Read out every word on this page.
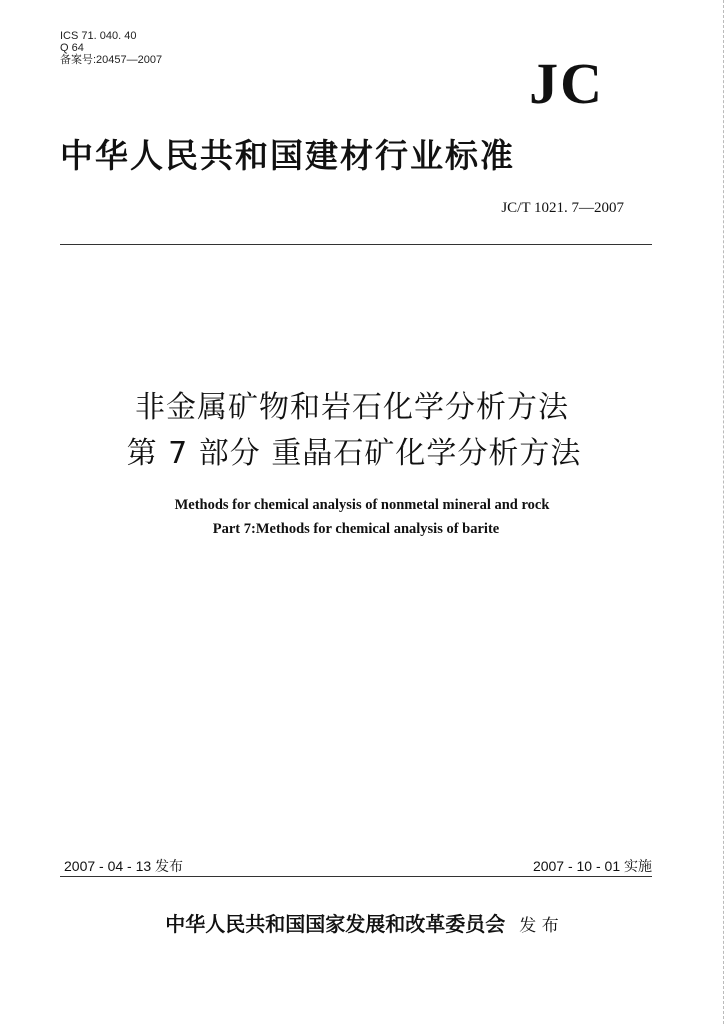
ICS 71. 040. 40
Q 64
备案号:20457—2007	JC
中华人民共和国建材行业标准
JC/T 1021. 7—2007
非金属矿物和岩石化学分析方法
第 7 部分 重晶石矿化学分析方法
Methods for chemical analysis of nonmetal mineral and rock
Part 7:Methods for chemical analysis of barite
2007 - 04 - 13 发布	2007 - 10 - 01 实施
中华人民共和国国家发展和改革委员会 发 布
